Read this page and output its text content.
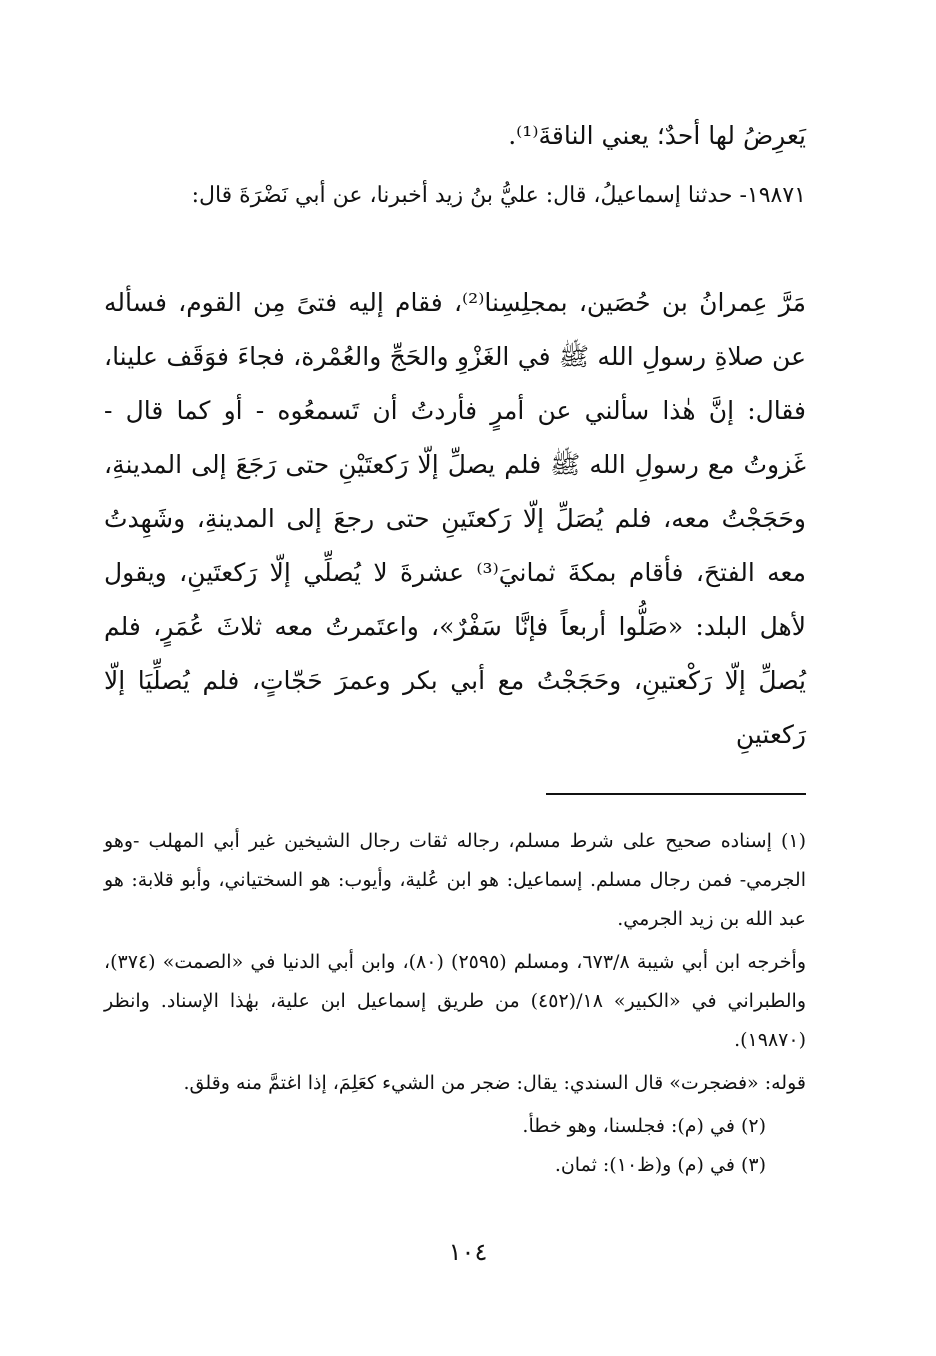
يَعرِضُ لها أحدٌ؛ يعني الناقةَ⁽¹⁾.
١٩٨٧١- حدثنا إسماعيلُ، قال: عليُّ بنُ زيد أخبرنا، عن أبي نَضْرَةَ قال:
مَرَّ عِمرانُ بن حُصَين، بمجلِسِنا⁽²⁾، فقام إليه فتىً مِن القوم، فسأله عن صلاةِ رسولِ الله ﷺ في الغَزْوِ والحَجِّ والعُمْرة، فجاءَ فوَقَف علينا، فقال: إنَّ هٰذا سألني عن أمرٍ فأردتُ أن تَسمعُوه - أو كما قال - غَزوتُ مع رسولِ الله ﷺ فلم يصلِّ إلّا رَكعتَيْنِ حتى رَجَعَ إلى المدينةِ، وحَجَجْتُ معه، فلم يُصَلِّ إلّا رَكعتَينِ حتى رجعَ إلى المدينةِ، وشَهِدتُ معه الفتحَ، فأقام بمكةَ ثمانيَ⁽³⁾ عشرةَ لا يُصلِّي إلّا رَكعتَينِ، ويقول لأهل البلد: «صَلُّوا أربعاً فإنَّا سَفْرٌ»، واعتَمرتُ معه ثلاثَ عُمَرٍ، فلم يُصلِّ إلّا رَكْعتينِ، وحَجَجْتُ مع أبي بكر وعمرَ حَجّاتٍ، فلم يُصلِّيَا إلّا رَكعتينِ

(١) إسناده صحيح على شرط مسلم، رجاله ثقات رجال الشيخين غير أبي المهلب -وهو الجرمي- فمن رجال مسلم. إسماعيل: هو ابن عُلية، وأيوب: هو السختياني، وأبو قلابة: هو عبد الله بن زيد الجرمي.

وأخرجه ابن أبي شيبة ٦٧٣/٨، ومسلم (٢٥٩٥) (٨٠)، وابن أبي الدنيا في «الصمت» (٣٧٤)، والطبراني في «الكبير» ١٨/(٤٥٢) من طريق إسماعيل ابن علية، بهٰذا الإسناد. وانظر (١٩٨٧٠).

قوله: «فضجرت» قال السندي: يقال: ضجر من الشيء كعَلِمَ، إذا اغتمَّ منه وقلق.

(٢) في (م): فجلسنا، وهو خطأ.

(٣) في (م) و(ظ١٠): ثمان.

١٠٤
